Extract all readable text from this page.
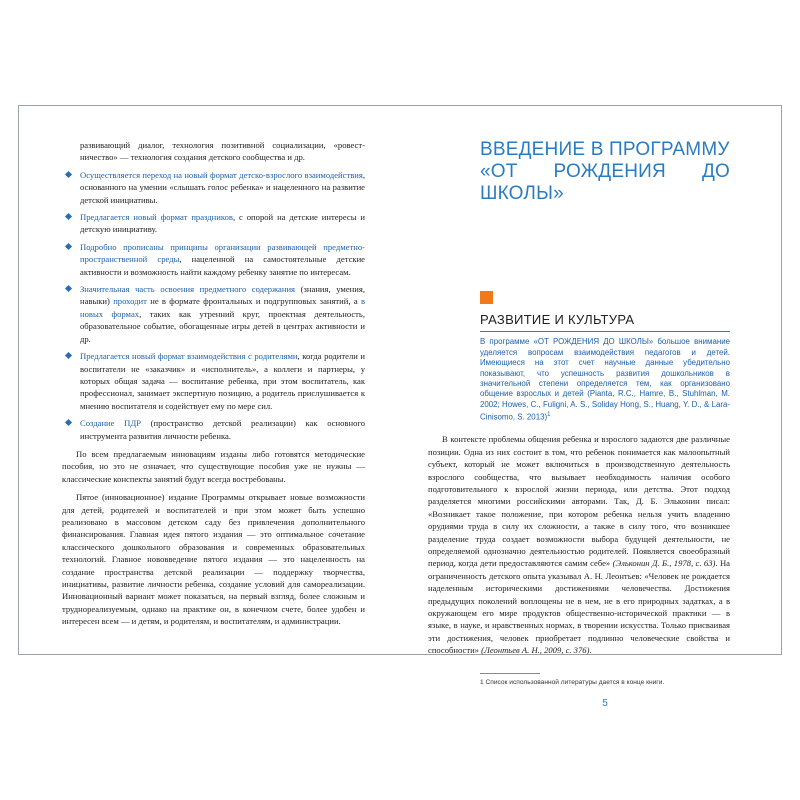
развивающий диалог, технология позитивной социализации, «ровест-ничество» — технология создания детского сообщества и др.

Осуществляется переход на новый формат детско-взрослого взаимодействия, основанного на умении «слышать голос ребенка» и нацеленного на развитие детской инициативы.
Предлагается новый формат праздников, с опорой на детские интересы и детскую инициативу.
Подробно прописаны принципы организации развивающей предметно-пространственной среды, нацеленной на самостоятельные детские активности и возможность найти каждому ребенку занятие по интересам.
Значительная часть освоения предметного содержания (знания, умения, навыки) проходит не в формате фронтальных и подгрупповых занятий, а в новых формах, таких как утренний круг, проектная деятельность, образовательное событие, обогащенные игры детей в центрах активности и др.
Предлагается новый формат взаимодействия с родителями, когда родители и воспитатели не «заказчик» и «исполнитель», а коллеги и партнеры, у которых общая задача — воспитание ребенка, при этом воспитатель, как профессионал, занимает экспертную позицию, а родитель прислушивается к мнению воспитателя и содействует ему по мере сил.
Создание ПДР (пространство детской реализации) как основного инструмента развития личности ребенка.

По всем предлагаемым инновациям изданы либо готовятся методические пособия, но это не означает, что существующие пособия уже не нужны — классические конспекты занятий будут всегда востребованы.

Пятое (инновационное) издание Программы открывает новые возможности для детей, родителей и воспитателей и при этом может быть успешно реализовано в массовом детском саду без привлечения дополнительного финансирования. Главная идея пятого издания — это оптимальное сочетание классического дошкольного образования и современных образовательных технологий. Главное нововведение пятого издания — это нацеленность на создание пространства детской реализации — поддержку творчества, инициативы, развитие личности ребенка, создание условий для самореализации. Инновационный вариант может показаться, на первый взгляд, более сложным и труднореализуемым, однако на практике он, в конечном счете, более удобен и интересен всем — и детям, и родителям, и воспитателям, и администрации.

ВВЕДЕНИЕ В ПРОГРАММУ
«ОТ РОЖДЕНИЯ ДО ШКОЛЫ»
РАЗВИТИЕ И КУЛЬТУРА

В программе «ОТ РОЖДЕНИЯ ДО ШКОЛЫ» большое внимание уделяется вопросам взаимодействия педагогов и детей. Имеющиеся на этот счет научные данные убедительно показывают, что успешность развития дошкольников в значительной степени определяется тем, как организовано общение взрослых и детей (Pianta, R.C., Hamre, B., Stuhlman, M. 2002; Howes, C., Fuligni, A. S., Soliday Hong, S., Huang, Y. D., & Lara-Cinisomo, S. 2013)$^1$

В контексте проблемы общения ребенка и взрослого задаются две различные позиции. Одна из них состоит в том, что ребенок понимается как малоопытный субъект, который не может включиться в производственную деятельность взрослого сообщества, что вызывает необходимость наличия особого подготовительного к взрослой жизни периода, или детства. Этот подход разделяется многими российскими авторами. Так, Д. Б. Эльконин писал: «Возникает такое положение, при котором ребенка нельзя учить владению орудиями труда в силу их сложности, а также в силу того, что возникшее разделение труда создает возможности выбора будущей деятельности, не определяемой однозначно деятельностью родителей. Появляется своеобразный период, когда дети предоставляются самим себе» (Эльконин Д. Б., 1978, с. 63). На ограниченность детского опыта указывал А. Н. Леонтьев: «Человек не рождается наделенным историческими достижениями человечества. Достижения предыдущих поколений воплощены не в нем, не в его природных задатках, а в окружающем его мире продуктов общественно-исторической практики — в языке, в науке, и нравственных нормах, в творении искусства. Только присваивая эти достижения, человек приобретает подлинно человеческие свойства и способности» (Леонтьев А. Н., 2009, с. 376).

1 Список использованной литературы дается в конце книги.
5
